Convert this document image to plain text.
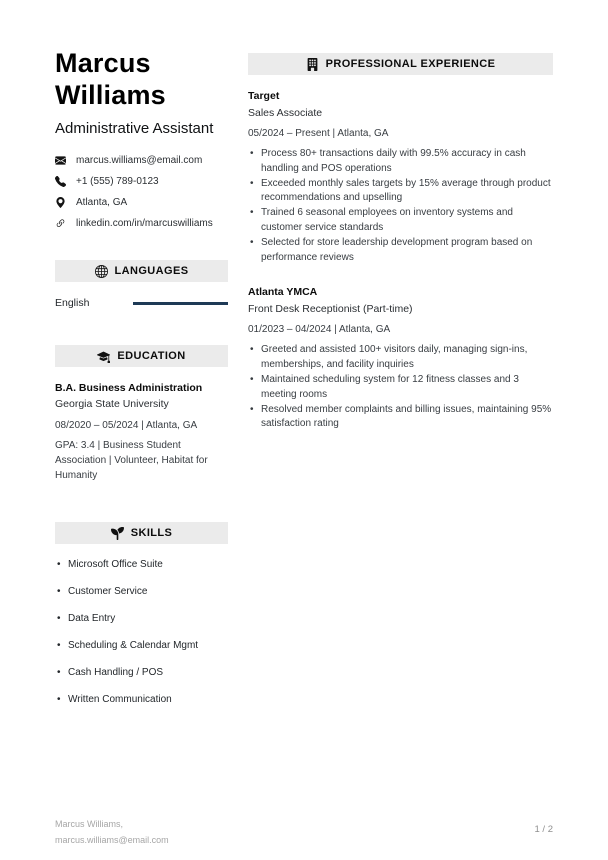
Marcus Williams
Administrative Assistant
marcus.williams@email.com
+1 (555) 789-0123
Atlanta, GA
linkedin.com/in/marcuswilliams
LANGUAGES
English
EDUCATION
B.A. Business Administration
Georgia State University
08/2020 – 05/2024 | Atlanta, GA
GPA: 3.4 | Business Student Association | Volunteer, Habitat for Humanity
SKILLS
• Microsoft Office Suite
• Customer Service
• Data Entry
• Scheduling & Calendar Mgmt
• Cash Handling / POS
• Written Communication
PROFESSIONAL EXPERIENCE
Target
Sales Associate
05/2024 – Present | Atlanta, GA
• Process 80+ transactions daily with 99.5% accuracy in cash handling and POS operations
• Exceeded monthly sales targets by 15% average through product recommendations and upselling
• Trained 6 seasonal employees on inventory systems and customer service standards
• Selected for store leadership development program based on performance reviews
Atlanta YMCA
Front Desk Receptionist (Part-time)
01/2023 – 04/2024 | Atlanta, GA
• Greeted and assisted 100+ visitors daily, managing sign-ins, memberships, and facility inquiries
• Maintained scheduling system for 12 fitness classes and 3 meeting rooms
• Resolved member complaints and billing issues, maintaining 95% satisfaction rating
Marcus Williams,
marcus.williams@email.com
1 / 2
